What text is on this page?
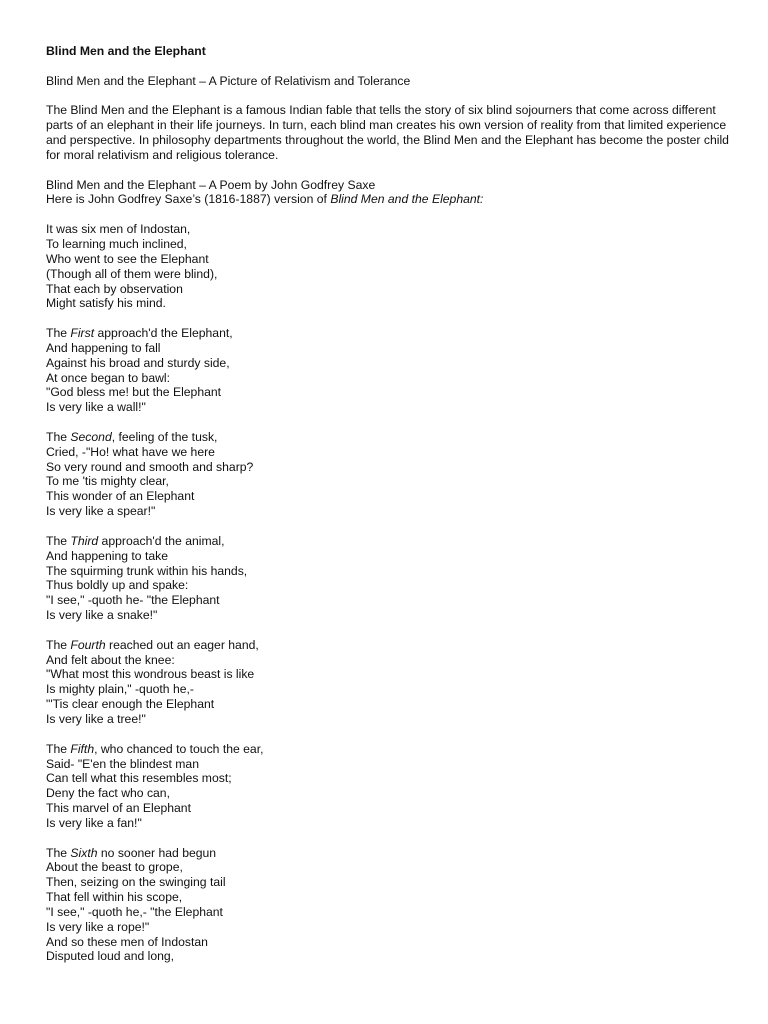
Blind Men and the Elephant
Blind Men and the Elephant – A Picture of Relativism and Tolerance
The Blind Men and the Elephant is a famous Indian fable that tells the story of six blind sojourners that come across different parts of an elephant in their life journeys. In turn, each blind man creates his own version of reality from that limited experience and perspective. In philosophy departments throughout the world, the Blind Men and the Elephant has become the poster child for moral relativism and religious tolerance.
Blind Men and the Elephant – A Poem by John Godfrey Saxe
Here is John Godfrey Saxe’s (1816-1887) version of Blind Men and the Elephant:
It was six men of Indostan,
To learning much inclined,
Who went to see the Elephant
(Though all of them were blind),
That each by observation
Might satisfy his mind.
The First approach'd the Elephant,
And happening to fall
Against his broad and sturdy side,
At once began to bawl:
"God bless me! but the Elephant
Is very like a wall!"
The Second, feeling of the tusk,
Cried, -"Ho! what have we here
So very round and smooth and sharp?
To me 'tis mighty clear,
This wonder of an Elephant
Is very like a spear!"
The Third approach'd the animal,
And happening to take
The squirming trunk within his hands,
Thus boldly up and spake:
"I see," -quoth he- "the Elephant
Is very like a snake!"
The Fourth reached out an eager hand,
And felt about the knee:
"What most this wondrous beast is like
Is mighty plain," -quoth he,-
"'Tis clear enough the Elephant
Is very like a tree!"
The Fifth, who chanced to touch the ear,
Said- "E'en the blindest man
Can tell what this resembles most;
Deny the fact who can,
This marvel of an Elephant
Is very like a fan!"
The Sixth no sooner had begun
About the beast to grope,
Then, seizing on the swinging tail
That fell within his scope,
"I see," -quoth he,- "the Elephant
Is very like a rope!"
And so these men of Indostan
Disputed loud and long,
